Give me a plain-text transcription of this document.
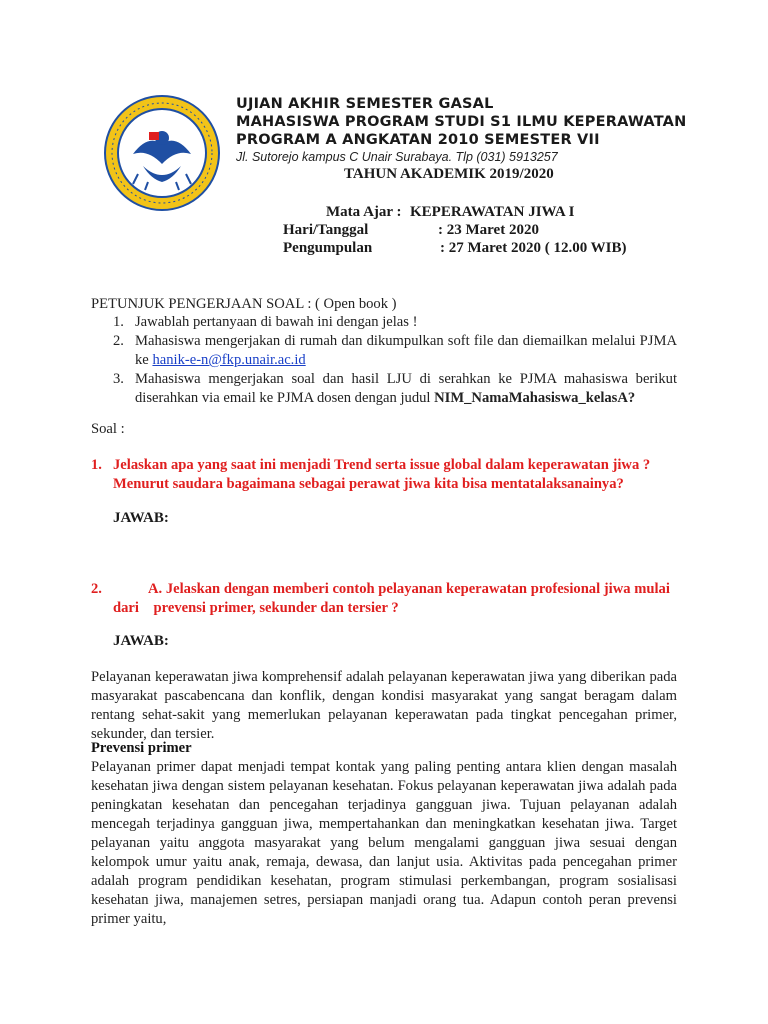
UJIAN AKHIR SEMESTER GASAL
MAHASISWA PROGRAM STUDI S1 ILMU KEPERAWATAN
PROGRAM A ANGKATAN 2010 SEMESTER VII
Jl. Sutorejo kampus C Unair Surabaya. Tlp (031) 5913257
TAHUN AKADEMIK 2019/2020
Mata Ajar : KEPERAWATAN JIWA I
Hari/Tanggal	: 23 Maret 2020
Pengumpulan	: 27 Maret 2020 ( 12.00 WIB)
PETUNJUK PENGERJAAN SOAL : ( Open book )
1. Jawablah pertanyaan di bawah ini dengan jelas !
2. Mahasiswa mengerjakan di rumah dan dikumpulkan soft file dan diemailkan melalui PJMA ke hanik-e-n@fkp.unair.ac.id
3. Mahasiswa mengerjakan soal dan hasil LJU di serahkan ke PJMA mahasiswa berikut diserahkan via email ke PJMA dosen dengan judul NIM_NamaMahasiswa_kelasA?
Soal :
1. Jelaskan apa yang saat ini menjadi Trend serta issue global dalam keperawatan jiwa ? Menurut saudara bagaimana sebagai perawat jiwa kita bisa mentatalaksanainya?
JAWAB:
2.	A. Jelaskan dengan memberi contoh pelayanan keperawatan profesional jiwa mulai
dari    prevensi primer, sekunder dan tersier ?
JAWAB:
Pelayanan keperawatan jiwa komprehensif adalah pelayanan keperawatan jiwa yang diberikan pada masyarakat pascabencana dan konflik, dengan kondisi masyarakat yang sangat beragam dalam rentang sehat-sakit yang memerlukan pelayanan keperawatan pada tingkat pencegahan primer, sekunder, dan tersier.
Prevensi primer
Pelayanan primer dapat menjadi tempat kontak yang paling penting antara klien dengan masalah kesehatan jiwa dengan sistem pelayanan kesehatan. Fokus pelayanan keperawatan jiwa adalah pada peningkatan kesehatan dan pencegahan terjadinya gangguan jiwa. Tujuan pelayanan adalah mencegah terjadinya gangguan jiwa, mempertahankan dan meningkatkan kesehatan jiwa. Target pelayanan yaitu anggota masyarakat yang belum mengalami gangguan jiwa sesuai dengan kelompok umur yaitu anak, remaja, dewasa, dan lanjut usia. Aktivitas pada pencegahan primer adalah program pendidikan kesehatan, program stimulasi perkembangan, program sosialisasi kesehatan jiwa, manajemen setres, persiapan manjadi orang tua. Adapun contoh peran prevensi primer yaitu,
